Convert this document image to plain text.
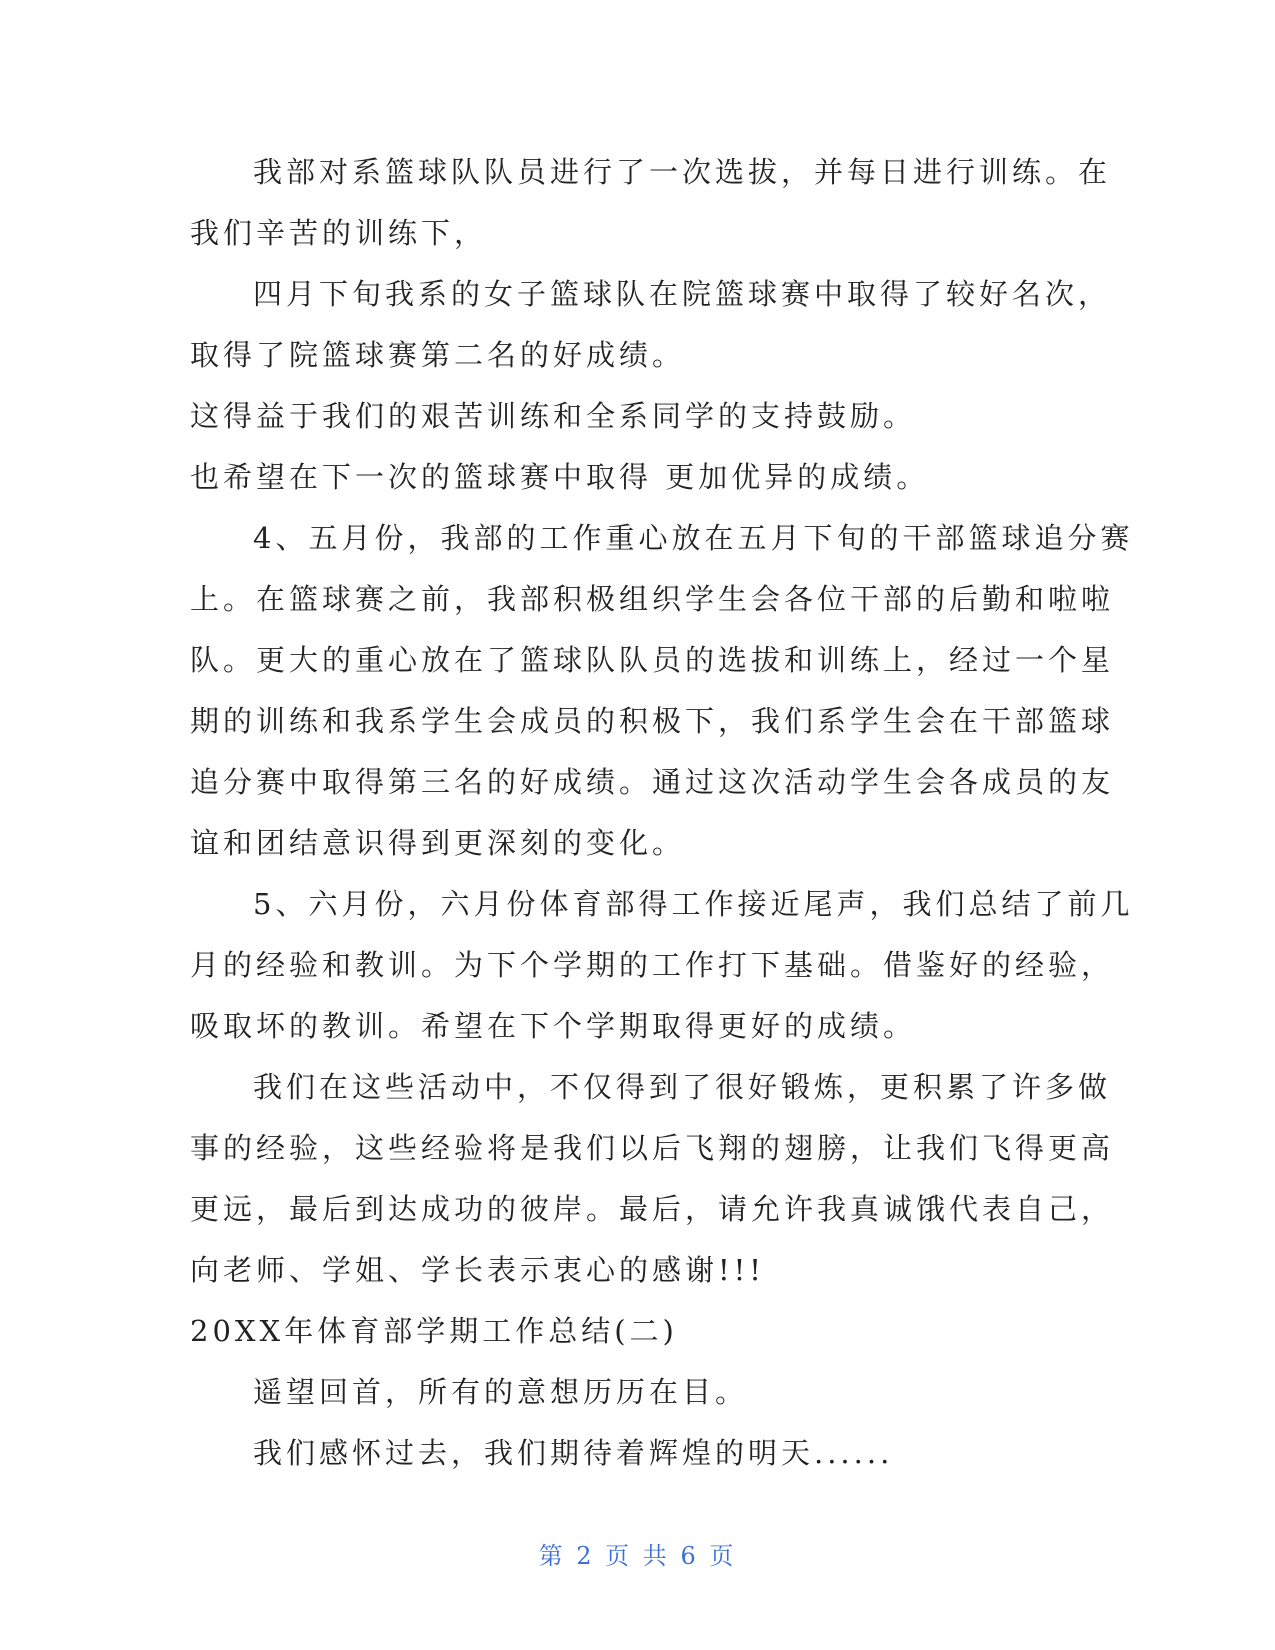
我部对系篮球队队员进行了一次选拔，并每日进行训练。在
我们辛苦的训练下，
四月下旬我系的女子篮球队在院篮球赛中取得了较好名次，
取得了院篮球赛第二名的好成绩。
这得益于我们的艰苦训练和全系同学的支持鼓励。
也希望在下一次的篮球赛中取得 更加优异的成绩。
4、五月份，我部的工作重心放在五月下旬的干部篮球追分赛
上。在篮球赛之前，我部积极组织学生会各位干部的后勤和啦啦
队。更大的重心放在了篮球队队员的选拔和训练上，经过一个星
期的训练和我系学生会成员的积极下，我们系学生会在干部篮球
追分赛中取得第三名的好成绩。通过这次活动学生会各成员的友
谊和团结意识得到更深刻的变化。
5、六月份，六月份体育部得工作接近尾声，我们总结了前几
月的经验和教训。为下个学期的工作打下基础。借鉴好的经验，
吸取坏的教训。希望在下个学期取得更好的成绩。
我们在这些活动中，不仅得到了很好锻炼，更积累了许多做
事的经验，这些经验将是我们以后飞翔的翅膀，让我们飞得更高
更远，最后到达成功的彼岸。最后，请允许我真诚饿代表自己，
向老师、学姐、学长表示衷心的感谢!!!
20XX年体育部学期工作总结(二)
遥望回首，所有的意想历历在目。
我们感怀过去，我们期待着辉煌的明天......
第 2 页 共 6 页
